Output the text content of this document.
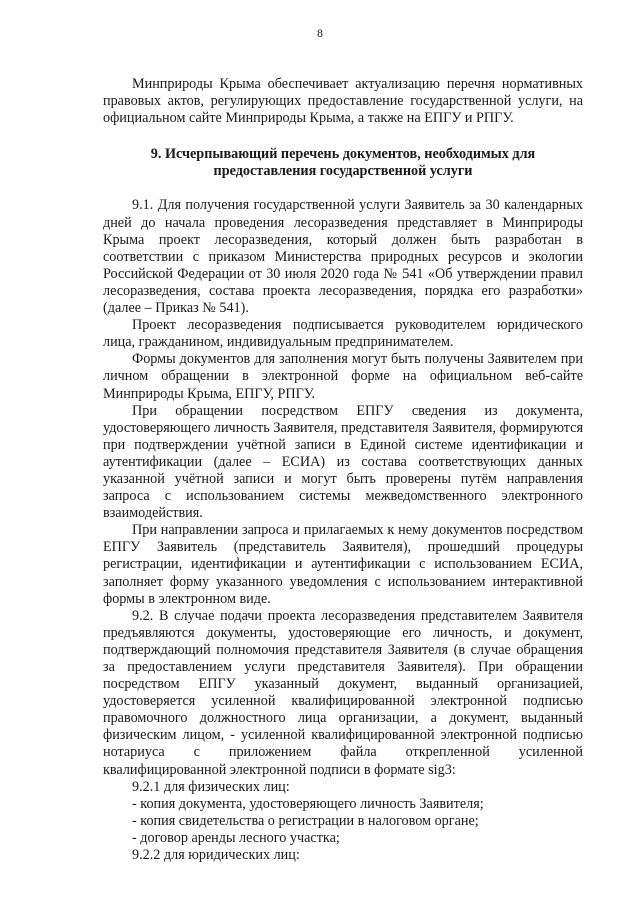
8

Минприроды Крыма обеспечивает актуализацию перечня нормативных правовых актов, регулирующих предоставление государственной услуги, на официальном сайте Минприроды Крыма, а также на ЕПГУ и РПГУ.

9. Исчерпывающий перечень документов, необходимых для предоставления государственной услуги

9.1. Для получения государственной услуги Заявитель за 30 календарных дней до начала проведения лесоразведения представляет в Минприроды Крыма проект лесоразведения, который должен быть разработан в соответствии с приказом Министерства природных ресурсов и экологии Российской Федерации от 30 июля 2020 года № 541 «Об утверждении правил лесоразведения, состава проекта лесоразведения, порядка его разработки» (далее – Приказ № 541).

Проект лесоразведения подписывается руководителем юридического лица, гражданином, индивидуальным предпринимателем.

Формы документов для заполнения могут быть получены Заявителем при личном обращении в электронной форме на официальном веб-сайте Минприроды Крыма, ЕПГУ, РПГУ.

При обращении посредством ЕПГУ сведения из документа, удостоверяющего личность Заявителя, представителя Заявителя, формируются при подтверждении учётной записи в Единой системе идентификации и аутентификации (далее – ЕСИА) из состава соответствующих данных указанной учётной записи и могут быть проверены путём направления запроса с использованием системы межведомственного электронного взаимодействия.

При направлении запроса и прилагаемых к нему документов посредством ЕПГУ Заявитель (представитель Заявителя), прошедший процедуры регистрации, идентификации и аутентификации с использованием ЕСИА, заполняет форму указанного уведомления с использованием интерактивной формы в электронном виде.

9.2. В случае подачи проекта лесоразведения представителем Заявителя предъявляются документы, удостоверяющие его личность, и документ, подтверждающий полномочия представителя Заявителя (в случае обращения за предоставлением услуги представителя Заявителя). При обращении посредством ЕПГУ указанный документ, выданный организацией, удостоверяется усиленной квалифицированной электронной подписью правомочного должностного лица организации, а документ, выданный физическим лицом, - усиленной квалифицированной электронной подписью нотариуса с приложением файла открепленной усиленной квалифицированной электронной подписи в формате sig3:

9.2.1 для физических лиц:

- копия документа, удостоверяющего личность Заявителя;

- копия свидетельства о регистрации в налоговом органе;

- договор аренды лесного участка;

9.2.2 для юридических лиц:
